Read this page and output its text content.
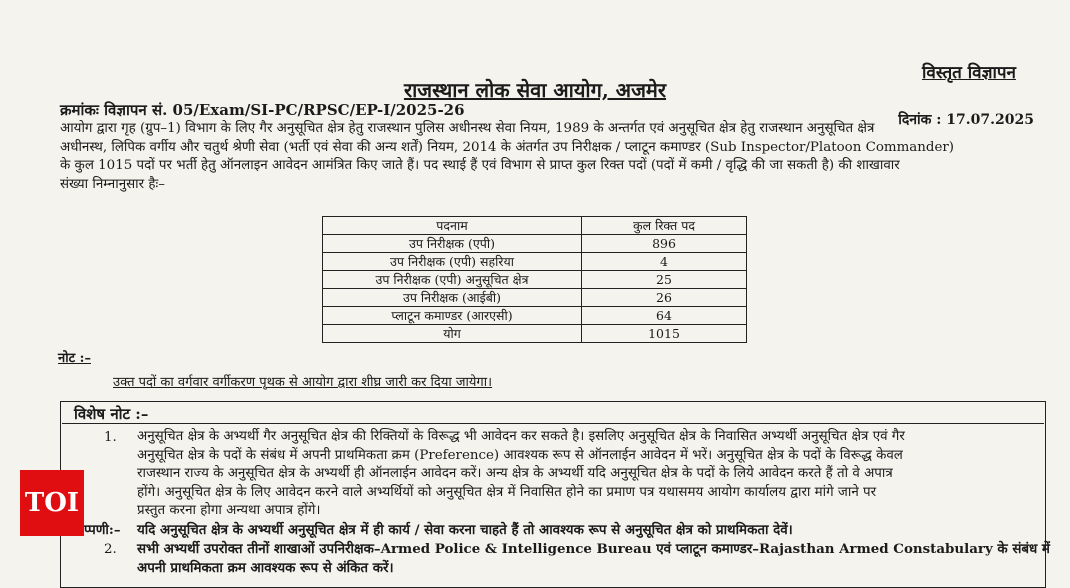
विस्तृत विज्ञापन
राजस्थान लोक सेवा आयोग, अजमेर
क्रमांकः विज्ञापन सं. 05/Exam/SI-PC/RPSC/EP-I/2025-26
दिनांक : 17.07.2025
आयोग द्वारा गृह (ग्रुप–1) विभाग के लिए गैर अनुसूचित क्षेत्र हेतु राजस्थान पुलिस अधीनस्थ सेवा नियम, 1989 के अन्तर्गत एवं अनुसूचित क्षेत्र हेतु राजस्थान अनुसूचित क्षेत्र
अधीनस्थ, लिपिक वर्गीय और चतुर्थ श्रेणी सेवा (भर्ती एवं सेवा की अन्य शर्तें) नियम, 2014 के अंतर्गत उप निरीक्षक / प्लाटून कमाण्डर (Sub Inspector/Platoon Commander)
के कुल 1015 पदों पर भर्ती हेतु ऑनलाइन आवेदन आमंत्रित किए जाते हैं। पद स्थाई हैं एवं विभाग से प्राप्त कुल रिक्त पदों (पदों में कमी / वृद्धि की जा सकती है) की शाखावार
संख्या निम्नानुसार हैः–
पदनाम	कुल रिक्त पद
उप निरीक्षक (एपी)	896
उप निरीक्षक (एपी) सहरिया	4
उप निरीक्षक (एपी) अनुसूचित क्षेत्र	25
उप निरीक्षक (आईबी)	26
प्लाटून कमाण्डर (आरएसी)	64
योग	1015
नोट :–
उक्त पदों का वर्गवार वर्गीकरण पृथक से आयोग द्वारा शीघ्र जारी कर दिया जायेगा।
विशेष नोट :–
1. अनुसूचित क्षेत्र के अभ्यर्थी गैर अनुसूचित क्षेत्र की रिक्तियों के विरूद्ध भी आवेदन कर सकते है। इसलिए अनुसूचित क्षेत्र के निवासित अभ्यर्थी अनुसूचित क्षेत्र एवं गैर
अनुसूचित क्षेत्र के पदों के संबंध में अपनी प्राथमिकता क्रम (Preference) आवश्यक रूप से ऑनलाईन आवेदन में भरें। अनुसूचित क्षेत्र के पदों के विरूद्ध केवल
राजस्थान राज्य के अनुसूचित क्षेत्र के अभ्यर्थी ही ऑनलाईन आवेदन करें। अन्य क्षेत्र के अभ्यर्थी यदि अनुसूचित क्षेत्र के पदों के लिये आवेदन करते हैं तो वे अपात्र
होंगे। अनुसूचित क्षेत्र के लिए आवेदन करने वाले अभ्यर्थियों को अनुसूचित क्षेत्र में निवासित होने का प्रमाण पत्र यथासमय आयोग कार्यालय द्वारा मांगे जाने पर
प्रस्तुत करना होगा अन्यथा अपात्र होंगे।
प्पणी:– यदि अनुसूचित क्षेत्र के अभ्यर्थी अनुसूचित क्षेत्र में ही कार्य / सेवा करना चाहते हैं तो आवश्यक रूप से अनुसूचित क्षेत्र को प्राथमिकता देवें।
2. सभी अभ्यर्थी उपरोक्त तीनों शाखाओं उपनिरीक्षक–Armed Police & Intelligence Bureau एवं प्लाटून कमाण्डर–Rajasthan Armed Constabulary के संबंध में
अपनी प्राथमिकता क्रम आवश्यक रूप से अंकित करें।
TOI
